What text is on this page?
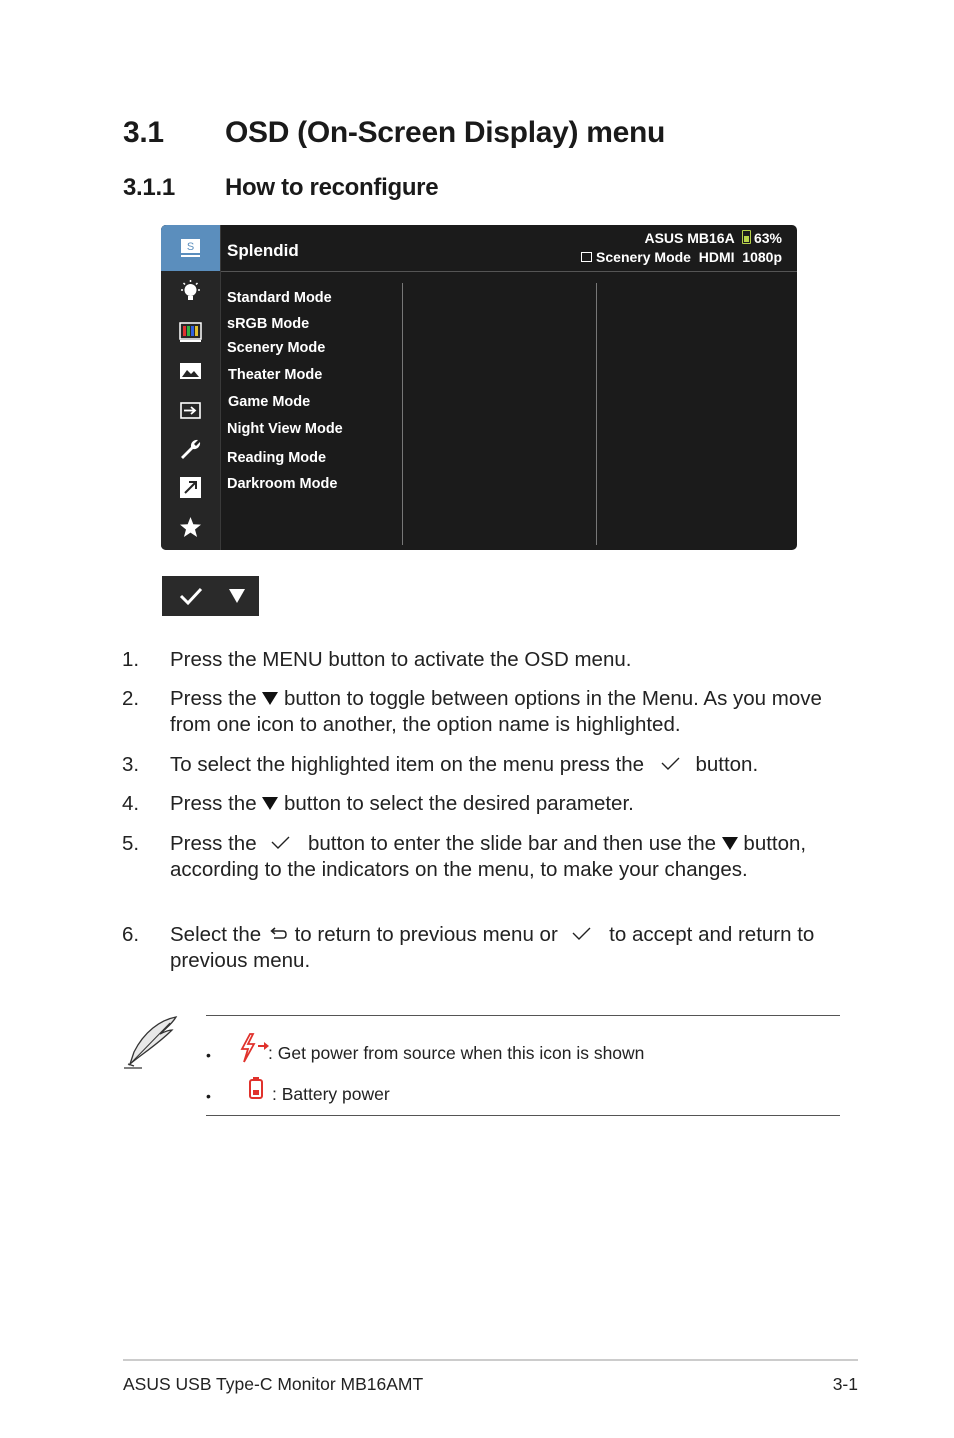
3.1 OSD (On-Screen Display) menu
3.1.1 How to reconfigure
S Splendid
ASUS MB16A 63%
Scenery Mode  HDMI  1080p
Standard Mode
sRGB Mode
Scenery Mode
Theater Mode
Game Mode
Night View Mode
Reading Mode
Darkroom Mode
1. Press the MENU button to activate the OSD menu.
2. Press the  button to toggle between options in the Menu. As you move from one icon to another, the option name is highlighted.
3. To select the highlighted item on the menu press the  button.
4. Press the  button to select the desired parameter.
5. Press the  button to enter the slide bar and then use the  button, according to the indicators on the menu, to make your changes.
6. Select the  to return to previous menu or  to accept and return to previous menu.
•	: Get power from source when this icon is shown
•	: Battery power
ASUS USB Type-C Monitor MB16AMT	3-1
